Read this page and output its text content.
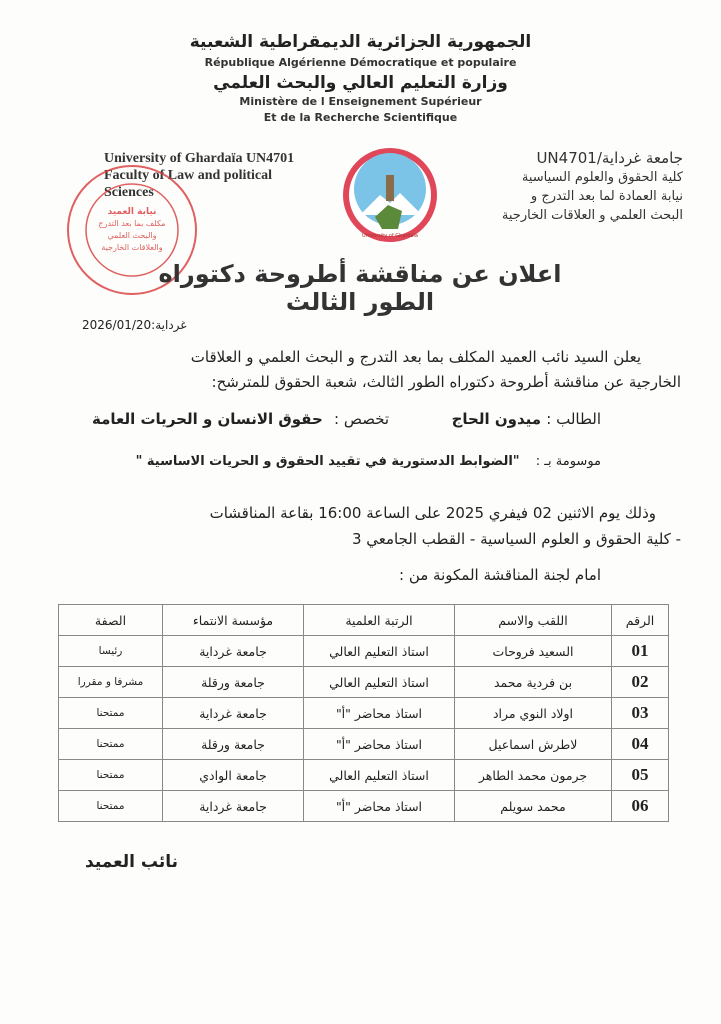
الجمهورية الجزائرية الديمقراطية الشعبية
République Algérienne Démocratique et populaire
وزارة التعليم العالي والبحث العلمي
Ministère de l Enseignement Supérieur
Et de la Recherche Scientifique
University of Ghardaïa UN4701
Faculty of Law and political
Sciences
جامعة غرداية/UN4701
كلية الحقوق والعلوم السياسية
نيابة العمادة لما بعد التدرج و
البحث العلمي و العلاقات الخارجية
University of Ghardaia
نيابة العميد
مكلف بما بعد التدرج
والبحث العلمي
والعلاقات الخارجية
اعلان عن مناقشة أطروحة دكتوراه الطور الثالث
غرداية:2026/01/20
يعلن السيد نائب العميد المكلف بما بعد التدرج و البحث العلمي و العلاقات
الخارجية عن مناقشة أطروحة دكتوراه الطور الثالث، شعبة الحقوق للمترشح:
الطالب : ميدون الحاج
تخصص : حقوق الانسان و الحريات العامة
موسومة بـ : "الضوابط الدستورية في تقييد الحقوق و الحريات الاساسية "
وذلك يوم الاثنين 02 فيفري 2025 على الساعة 16:00 بقاعة المناقشات
- كلية الحقوق و العلوم السياسية - القطب الجامعي 3
امام لجنة المناقشة المكونة من :
الرقم	اللقب والاسم	الرتبة العلمية	مؤسسة الانتماء	الصفة
01	السعيد فروحات	استاذ التعليم العالي	جامعة غرداية	رئيسا
02	بن فردية محمد	استاذ التعليم العالي	جامعة ورقلة	مشرفا و مقررا
03	اولاد النوي مراد	استاذ محاضر "أ"	جامعة غرداية	ممتحنا
04	لاطرش اسماعيل	استاذ محاضر "أ"	جامعة ورقلة	ممتحنا
05	جرمون محمد الطاهر	استاذ التعليم العالي	جامعة الوادي	ممتحنا
06	محمد سويلم	استاذ محاضر "أ"	جامعة غرداية	ممتحنا
نائب العميد
